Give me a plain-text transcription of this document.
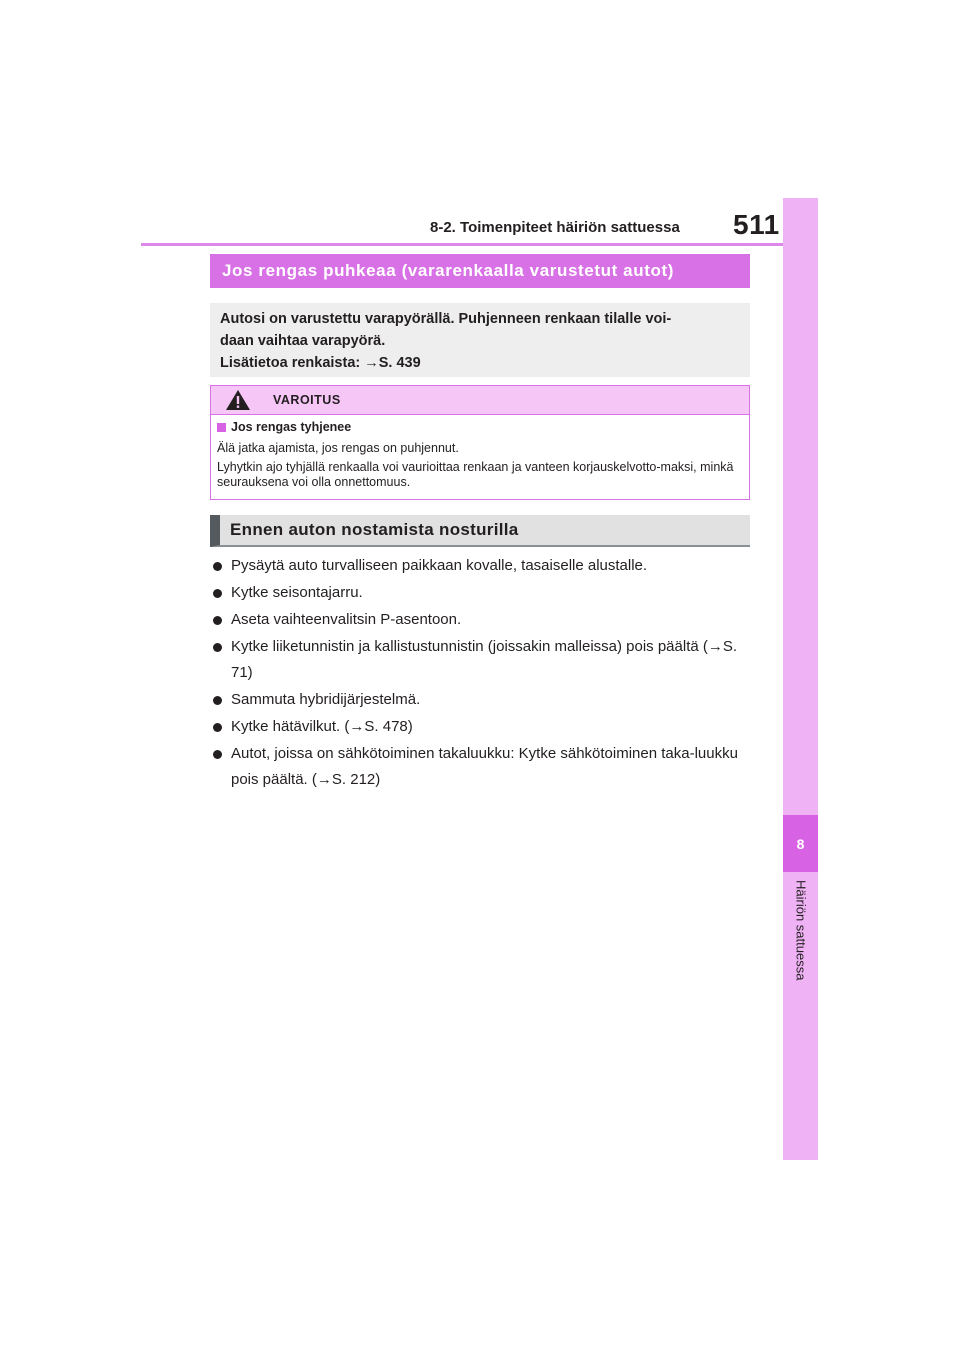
8-2. Toimenpiteet häiriön sattuessa 511
8
Häiriön sattuessa
Jos rengas puhkeaa (vararenkaalla varustetut autot)
Autosi on varustettu varapyörällä. Puhjenneen renkaan tilalle voi-
daan vaihtaa varapyörä.
Lisätietoa renkaista: →S. 439
VAROITUS
Jos rengas tyhjenee

Älä jatka ajamista, jos rengas on puhjennut.

Lyhytkin ajo tyhjällä renkaalla voi vaurioittaa renkaan ja vanteen korjauskelvotto-maksi, minkä seurauksena voi olla onnettomuus.

Ennen auton nostamista nosturilla
Pysäytä auto turvalliseen paikkaan kovalle, tasaiselle alustalle.
Kytke seisontajarru.
Aseta vaihteenvalitsin P-asentoon.
Kytke liiketunnistin ja kallistustunnistin (joissakin malleissa) pois päältä (→S. 71)
Sammuta hybridijärjestelmä.
Kytke hätävilkut. (→S. 478)
Autot, joissa on sähkötoiminen takaluukku: Kytke sähkötoiminen taka-luukku pois päältä. (→S. 212)
